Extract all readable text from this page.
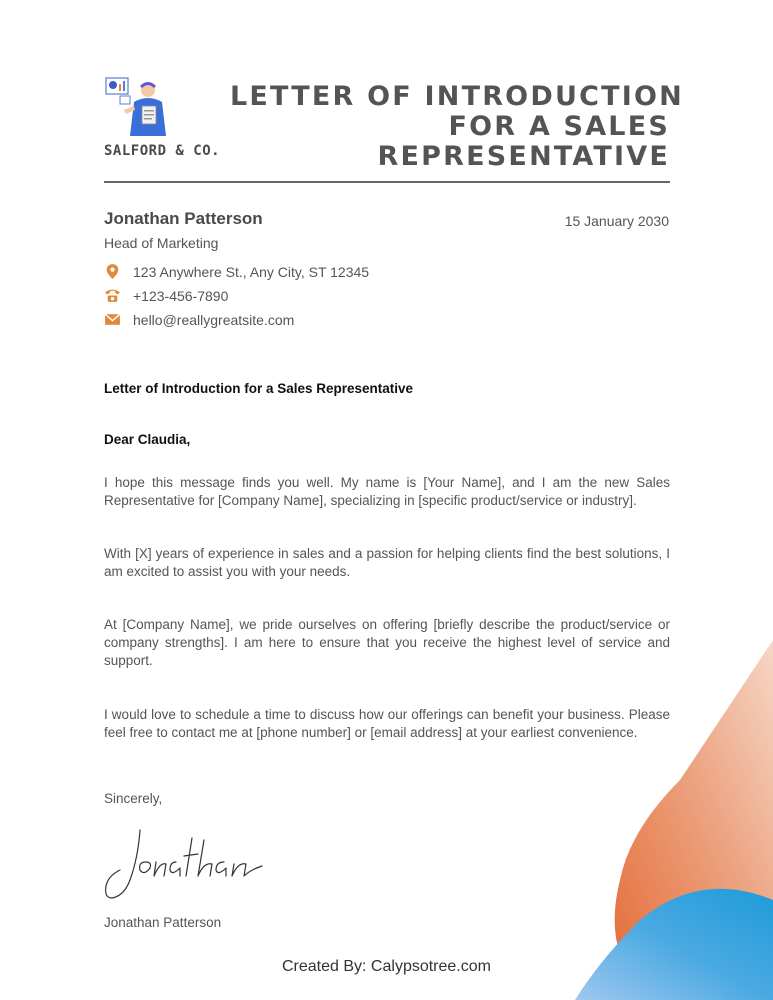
SALFORD & CO.
LETTER OF INTRODUCTION
FOR A SALES
REPRESENTATIVE
Jonathan Patterson
Head of Marketing
15 January 2030
123 Anywhere St., Any City, ST 12345
+123-456-7890
hello@reallygreatsite.com
Letter of Introduction for a Sales Representative
Dear Claudia,
I hope this message finds you well. My name is [Your Name], and I am the new Sales Representative for [Company Name], specializing in [specific product/service or industry].
With [X] years of experience in sales and a passion for helping clients find the best solutions, I am excited to assist you with your needs.
At [Company Name], we pride ourselves on offering [briefly describe the product/service or company strengths]. I am here to ensure that you receive the highest level of service and support.
I would love to schedule a time to discuss how our offerings can benefit your business. Please feel free to contact me at [phone number] or [email address] at your earliest convenience.
Sincerely,
Jonathan Patterson
Created By: Calypsotree.com
